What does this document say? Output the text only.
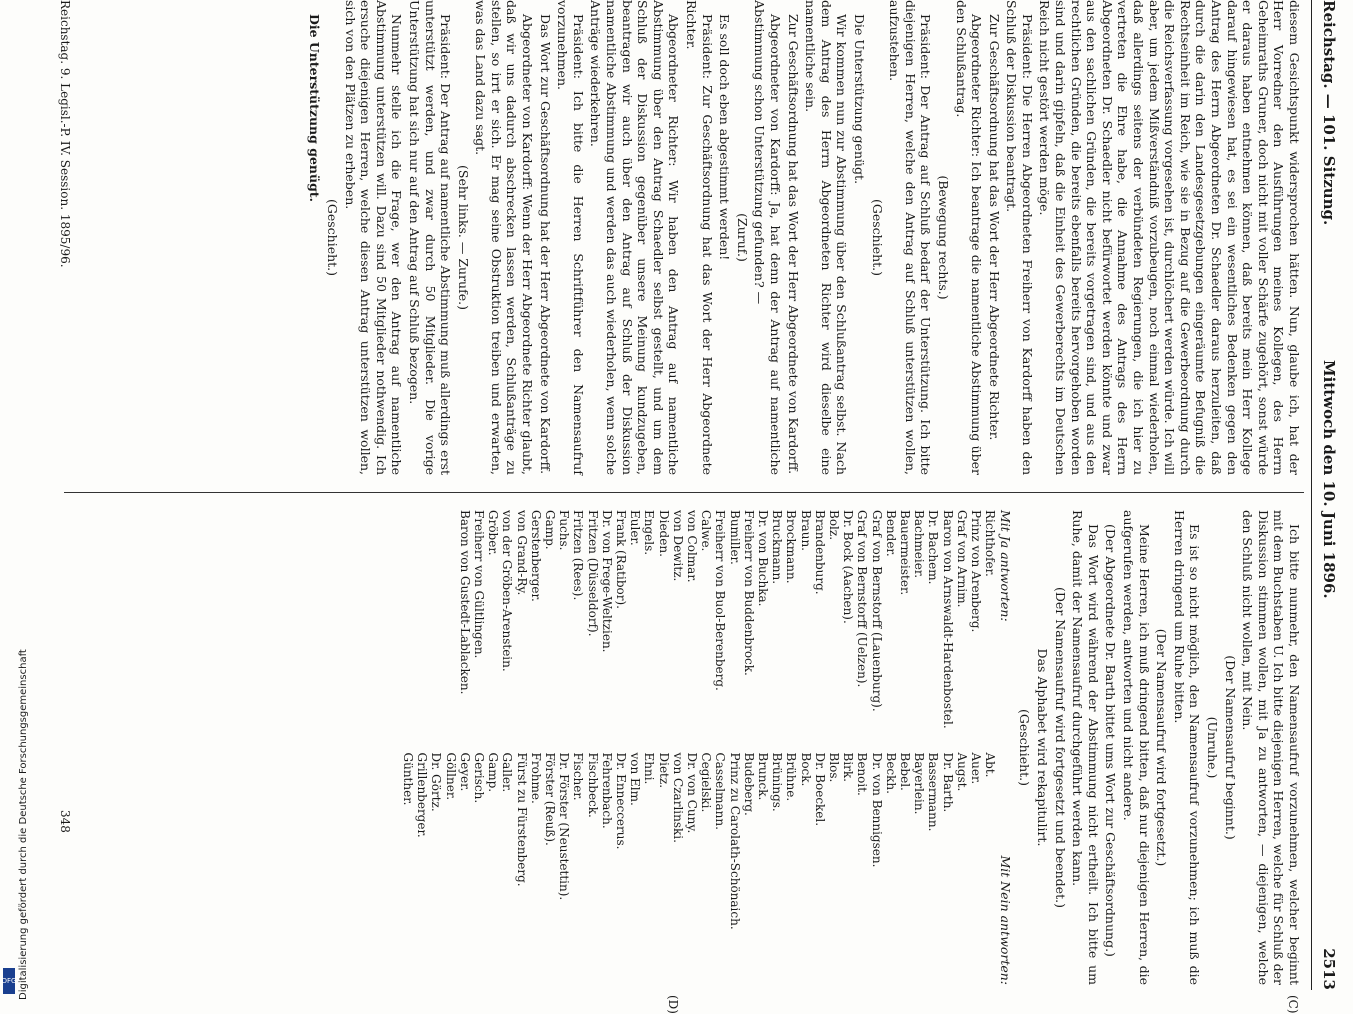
Digitalisierung gefördert durch die Deutsche Forschungsgemeinschaft
DFG
Reichstag. — 101. Sitzung.
Mittwoch den 10. Juni 1896.
2513
(C)
(D)

diesem Gesichtspunkt widersprochen hätten. Nun, glaube ich, hat der Herr Vorredner den Ausführungen meines Kollegen, des Herrn Geheimraths Gruner, doch nicht mit voller Schärfe zugehört, sonst würde er daraus haben entnehmen können, daß bereits mein Herr Kollege darauf hingewiesen hat, es sei ein wesentliches Bedenken gegen den Antrag des Herrn Abgeordneten Dr. Schaedler daraus herzuleiten, daß durch die darin den Landesgesetzgebungen eingeräumte Befugniß die Rechtseinheit im Reich, wie sie in Bezug auf die Gewerbeordnung durch die Reichsverfassung vorgesehen ist, durchlöchert werden würde. Ich will aber, um jedem Mißverständniß vorzubeugen, noch einmal wiederholen, daß allerdings seitens der verbündeten Regierungen, die ich hier zu vertreten die Ehre habe, die Annahme des Antrags des Herrn Abgeordneten Dr. Schaedler nicht befürwortet werden könnte und zwar aus den sachlichen Gründen, die bereits vorgetragen sind, und aus den rechtlichen Gründen, die bereits ebenfalls bereits hervorgehoben worden sind und darin gipfeln, daß die Einheit des Gewerberechts im Deutschen Reich nicht gestört werden möge.

Präsident: Die Herren Abgeordneten Freiherr von Kardorff haben den Schluß der Diskussion beantragt.

Zur Geschäftsordnung hat das Wort der Herr Abgeordnete Richter.

Abgeordneter Richter: Ich beantrage die namentliche Abstimmung über den Schlußantrag.

(Bewegung rechts.)

Präsident: Der Antrag auf Schluß bedarf der Unterstützung. Ich bitte diejenigen Herren, welche den Antrag auf Schluß unterstützen wollen, aufzustehen.

(Geschieht.)

Die Unterstützung genügt.

Wir kommen nun zur Abstimmung über den Schlußantrag selbst. Nach dem Antrag des Herrn Abgeordneten Richter wird dieselbe eine namentliche sein.

Zur Geschäftsordnung hat das Wort der Herr Abgeordnete von Kardorff.

Abgeordneter von Kardorff: Ja, hat denn der Antrag auf namentliche Abstimmung schon Unterstützung gefunden? —

(Zuruf.)

Es soll doch eben abgestimmt werden!

Präsident: Zur Geschäftsordnung hat das Wort der Herr Abgeordnete Richter.

Abgeordneter Richter: Wir haben den Antrag auf namentliche Abstimmung über den Antrag Schaedler selbst gestellt, und um dem Schluß der Diskussion gegenüber unsere Meinung kundzugeben, beantragen wir auch über den Antrag auf Schluß der Diskussion namentliche Abstimmung und werden das auch wiederholen, wenn solche Anträge wiederkehren.

Präsident: Ich bitte die Herren Schriftführer den Namensaufruf vorzunehmen.

Das Wort zur Geschäftsordnung hat der Herr Abgeordnete von Kardorff.

Abgeordneter von Kardorff: Wenn der Herr Abgeordnete Richter glaubt, daß wir uns dadurch abschrecken lassen werden, Schlußanträge zu stellen, so irrt er sich. Er mag seine Obstruktion treiben und erwarten, was das Land dazu sagt.

(Sehr links. — Zurufe.)

Präsident: Der Antrag auf namentliche Abstimmung muß allerdings erst unterstützt werden, und zwar durch 50 Mitglieder. Die vorige Unterstützung hat sich nur auf den Antrag auf Schluß bezogen.

Nunmehr stelle ich die Frage, wer den Antrag auf namentliche Abstimmung unterstützen will. Dazu sind 50 Mitglieder nothwendig. Ich ersuche diejenigen Herren, welche diesen Antrag unterstützen wollen, sich von den Plätzen zu erheben.

(Geschieht.)

Die Unterstützung genügt.

Ich bitte nunmehr, den Namensaufruf vorzunehmen, welcher beginnt mit dem Buchstaben U. Ich bitte diejenigen Herren, welche für Schluß der Diskussion stimmen wollen, mit Ja zu antworten, — diejenigen, welche den Schluß nicht wollen, mit Nein.

(Der Namensaufruf beginnt.)
(Unruhe.)

Es ist so nicht möglich, den Namensaufruf vorzunehmen; ich muß die Herren dringend um Ruhe bitten.

(Der Namensaufruf wird fortgesetzt.)

Meine Herren, ich muß dringend bitten, daß nur diejenigen Herren, die aufgerufen werden, antworten und nicht andere.

(Der Abgeordnete Dr. Barth bittet ums Wort zur Geschäftsordnung.)

Das Wort wird während der Abstimmung nicht ertheilt. Ich bitte um Ruhe, damit der Namensaufruf durchgeführt werden kann.

(Der Namensaufruf wird fortgesetzt und beendet.)
Das Alphabet wird rekapitulirt.
(Geschieht.)
Mit Ja antworten:
Mit Nein antworten:
Richthofer.
Prinz von Arenberg.
Graf von Arnim.
Baron von Arnswaldt-Hardenbostel.
Dr. Bachem.
Bachmeier.
Bauermeister.
Bender.
Graf von Bernstorff (Lauenburg).
Graf von Bernstorff (Uelzen).
Dr. Bock (Aachen).
Bolz.
Brandenburg.
Braun.
Brockmann.
Bruckmann.
Dr. von Buchka.
Freiherr von Buddenbrock.
Bumiller.
Freiherr von Buol-Berenberg.
Calwe.
von Colmar.
von Dewitz.
Dieden.
Engels.
Euler.
Frank (Ratibor).
Dr. von Frege-Weltzien.
Fritzen (Düsseldorf).
Fritzen (Rees).
Fuchs.
Gamp.
Gerstenberger.
von Grand-Ry.
von der Gröben-Arenstein.
Gröber.
Freiherr von Gültlingen.
Baron von Gustedt-Lablacken.
Abt.
Auer.
Augst.
Dr. Barth.
Bassermann.
Bayerlein.
Bebel.
Beckh.
Dr. von Bennigsen.
Benoit.
Birk.
Blos.
Dr. Boeckel.
Bock.
Brühne.
Brünings.
Brunck.
Budeberg.
Prinz zu Carolath-Schönaich.
Casselmann.
Cegielski.
Dr. von Cuny.
von Czarlinski.
Dietz.
Ehni.
von Elm.
Dr. Enneccerus.
Fehrenbach.
Fischbeck.
Fischer.
Dr. Förster (Neustettin).
Förster (Reuß).
Frohme.
Fürst zu Fürstenberg.
Galler.
Gamp.
Gerisch.
Geyer.
Göllner.
Dr. Görtz.
Grillenberger.
Günther.
Reichstag. 9. Legisl.-P. IV. Session. 1895/96.
348
